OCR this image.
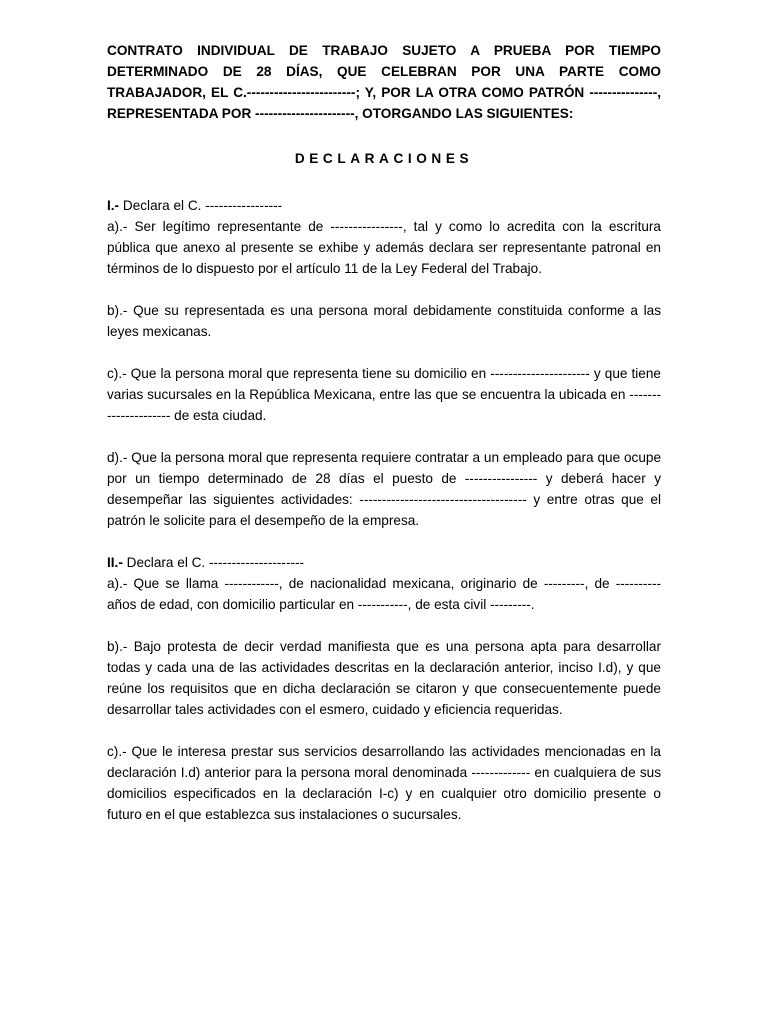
CONTRATO INDIVIDUAL DE TRABAJO SUJETO A PRUEBA POR TIEMPO DETERMINADO DE 28 DÍAS, QUE CELEBRAN POR UNA PARTE COMO TRABAJADOR, EL C.------------------------; Y, POR LA OTRA COMO PATRÓN ---------------, REPRESENTADA POR ----------------------, OTORGANDO LAS SIGUIENTES:

DECLARACIONES

I.- Declara el C. -----------------

a).- Ser legítimo representante de ----------------, tal y como lo acredita con la escritura pública que anexo al presente se exhibe y además declara ser representante patronal en términos de lo dispuesto por el artículo 11 de la Ley Federal del Trabajo.

b).- Que su representada es una persona moral debidamente constituida conforme a las leyes mexicanas.

c).- Que la persona moral que representa tiene su domicilio en ---------------------- y que tiene varias sucursales en la República Mexicana, entre las que se encuentra la ubicada en --------------------- de esta ciudad.

d).- Que la persona moral que representa requiere contratar a un empleado para que ocupe por un tiempo determinado de 28 días el puesto de ---------------- y deberá hacer y desempeñar las siguientes actividades: ------------------------------------- y entre otras que el patrón le solicite para el desempeño de la empresa.

II.- Declara el C. ---------------------

a).- Que se llama ------------, de nacionalidad mexicana, originario de ---------, de ---------- años de edad, con domicilio particular en -----------, de esta civil ---------.

b).- Bajo protesta de decir verdad manifiesta que es una persona apta para desarrollar todas y cada una de las actividades descritas en la declaración anterior, inciso I.d), y que reúne los requisitos que en dicha declaración se citaron y que consecuentemente puede desarrollar tales actividades con el esmero, cuidado y eficiencia requeridas.

c).- Que le interesa prestar sus servicios desarrollando las actividades mencionadas en la declaración I.d) anterior para la persona moral denominada ------------- en cualquiera de sus domicilios especificados en la declaración I-c) y en cualquier otro domicilio presente o futuro en el que establezca sus instalaciones o sucursales.
